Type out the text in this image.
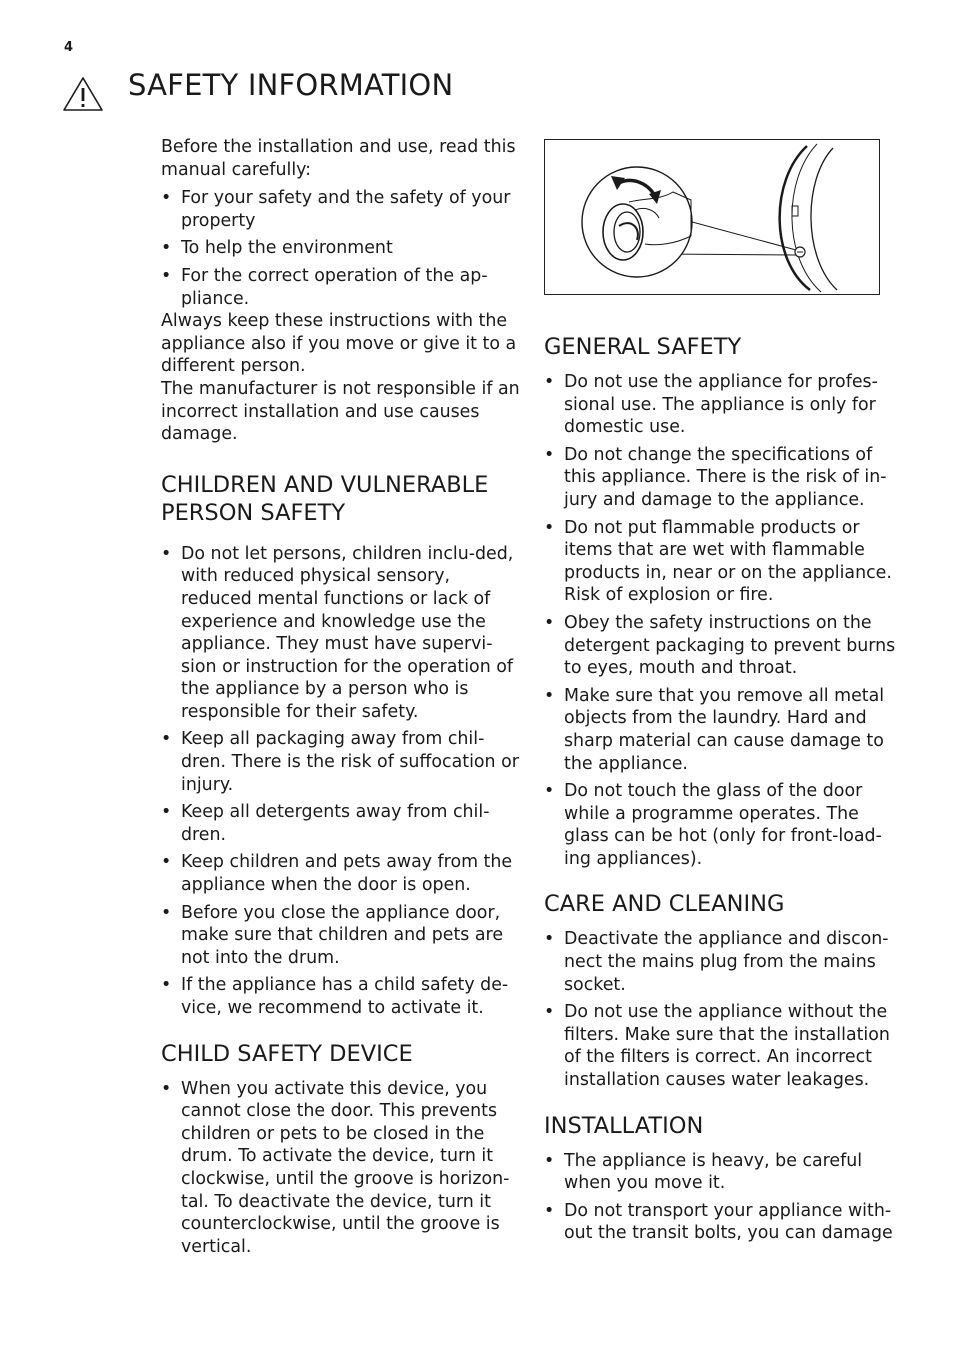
4
SAFETY INFORMATION

Before the installation and use, read this manual carefully:

• For your safety and the safety of your property
• To help the environment
• For the correct operation of the ap-pliance.

Always keep these instructions with the appliance also if you move or give it to a different person.

The manufacturer is not responsible if an incorrect installation and use causes damage.

CHILDREN AND VULNERABLE PERSON SAFETY
• Do not let persons, children inclu-ded, with reduced physical sensory, reduced mental functions or lack of experience and knowledge use the appliance. They must have supervi-sion or instruction for the operation of the appliance by a person who is responsible for their safety.
• Keep all packaging away from chil-dren. There is the risk of suffocation or injury.
• Keep all detergents away from chil-dren.
• Keep children and pets away from the appliance when the door is open.
• Before you close the appliance door, make sure that children and pets are not into the drum.
• If the appliance has a child safety de-vice, we recommend to activate it.
CHILD SAFETY DEVICE
• When you activate this device, you cannot close the door. This prevents children or pets to be closed in the drum. To activate the device, turn it clockwise, until the groove is horizon-tal. To deactivate the device, turn it counterclockwise, until the groove is vertical.
GENERAL SAFETY
• Do not use the appliance for profes-sional use. The appliance is only for domestic use.
• Do not change the specifications of this appliance. There is the risk of in-jury and damage to the appliance.
• Do not put flammable products or items that are wet with flammable products in, near or on the appliance. Risk of explosion or fire.
• Obey the safety instructions on the detergent packaging to prevent burns to eyes, mouth and throat.
• Make sure that you remove all metal objects from the laundry. Hard and sharp material can cause damage to the appliance.
• Do not touch the glass of the door while a programme operates. The glass can be hot (only for front-load-ing appliances).
CARE AND CLEANING
• Deactivate the appliance and discon-nect the mains plug from the mains socket.
• Do not use the appliance without the filters. Make sure that the installation of the filters is correct. An incorrect installation causes water leakages.
INSTALLATION
• The appliance is heavy, be careful when you move it.
• Do not transport your appliance with-out the transit bolts, you can damage
